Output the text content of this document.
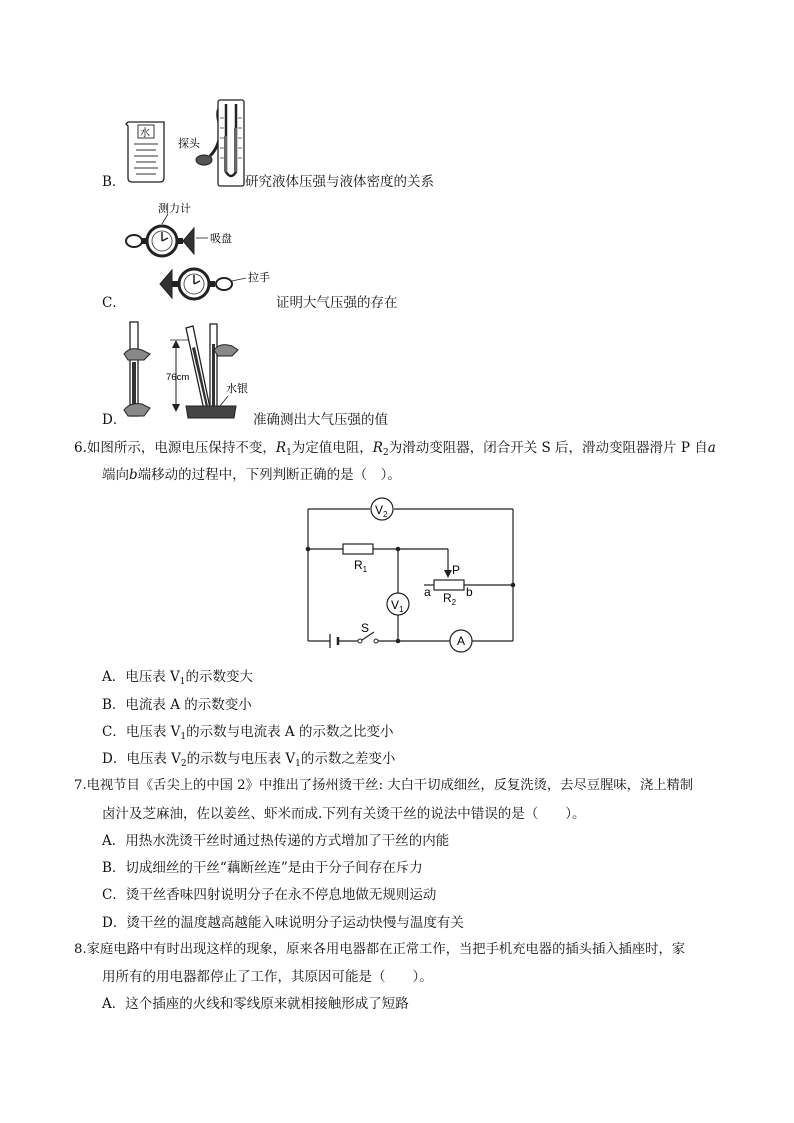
B．
水
探头
研究液体压强与液体密度的关系
C．
测力计
吸盘
拉手
证明大气压强的存在
D．
76cm
水银
准确测出大气压强的值
6.如图所示，电源电压保持不变，$R_1$为定值电阻，$R_2$为滑动变阻器，闭合开关 S 后，滑动变阻器滑片 P 自a
端向b端移动的过程中，下列判断正确的是（　）。
$V_2$
$V_1$
A
$R_1$	P
a $R_2$
b
S
A．电压表 $V_1$的示数变大
B．电流表 A 的示数变小
C．电压表 $V_1$的示数与电流表 A 的示数之比变小
D．电压表 $V_2$的示数与电压表 $V_1$的示数之差变小
7.电视节目《舌尖上的中国 2》中推出了扬州烫干丝: 大白干切成细丝，反复洗烫，去尽豆腥味，浇上精制
卤汁及芝麻油，佐以姜丝、虾米而成.下列有关烫干丝的说法中错误的是（　　）。
A．用热水洗烫干丝时通过热传递的方式增加了干丝的内能
B．切成细丝的干丝“藕断丝连”是由于分子间存在斥力
C．烫干丝香味四射说明分子在永不停息地做无规则运动
D．烫干丝的温度越高越能入味说明分子运动快慢与温度有关
8.家庭电路中有时出现这样的现象，原来各用电器都在正常工作，当把手机充电器的插头插入插座时，家
用所有的用电器都停止了工作，其原因可能是（　　）。
A．这个插座的火线和零线原来就相接触形成了短路
